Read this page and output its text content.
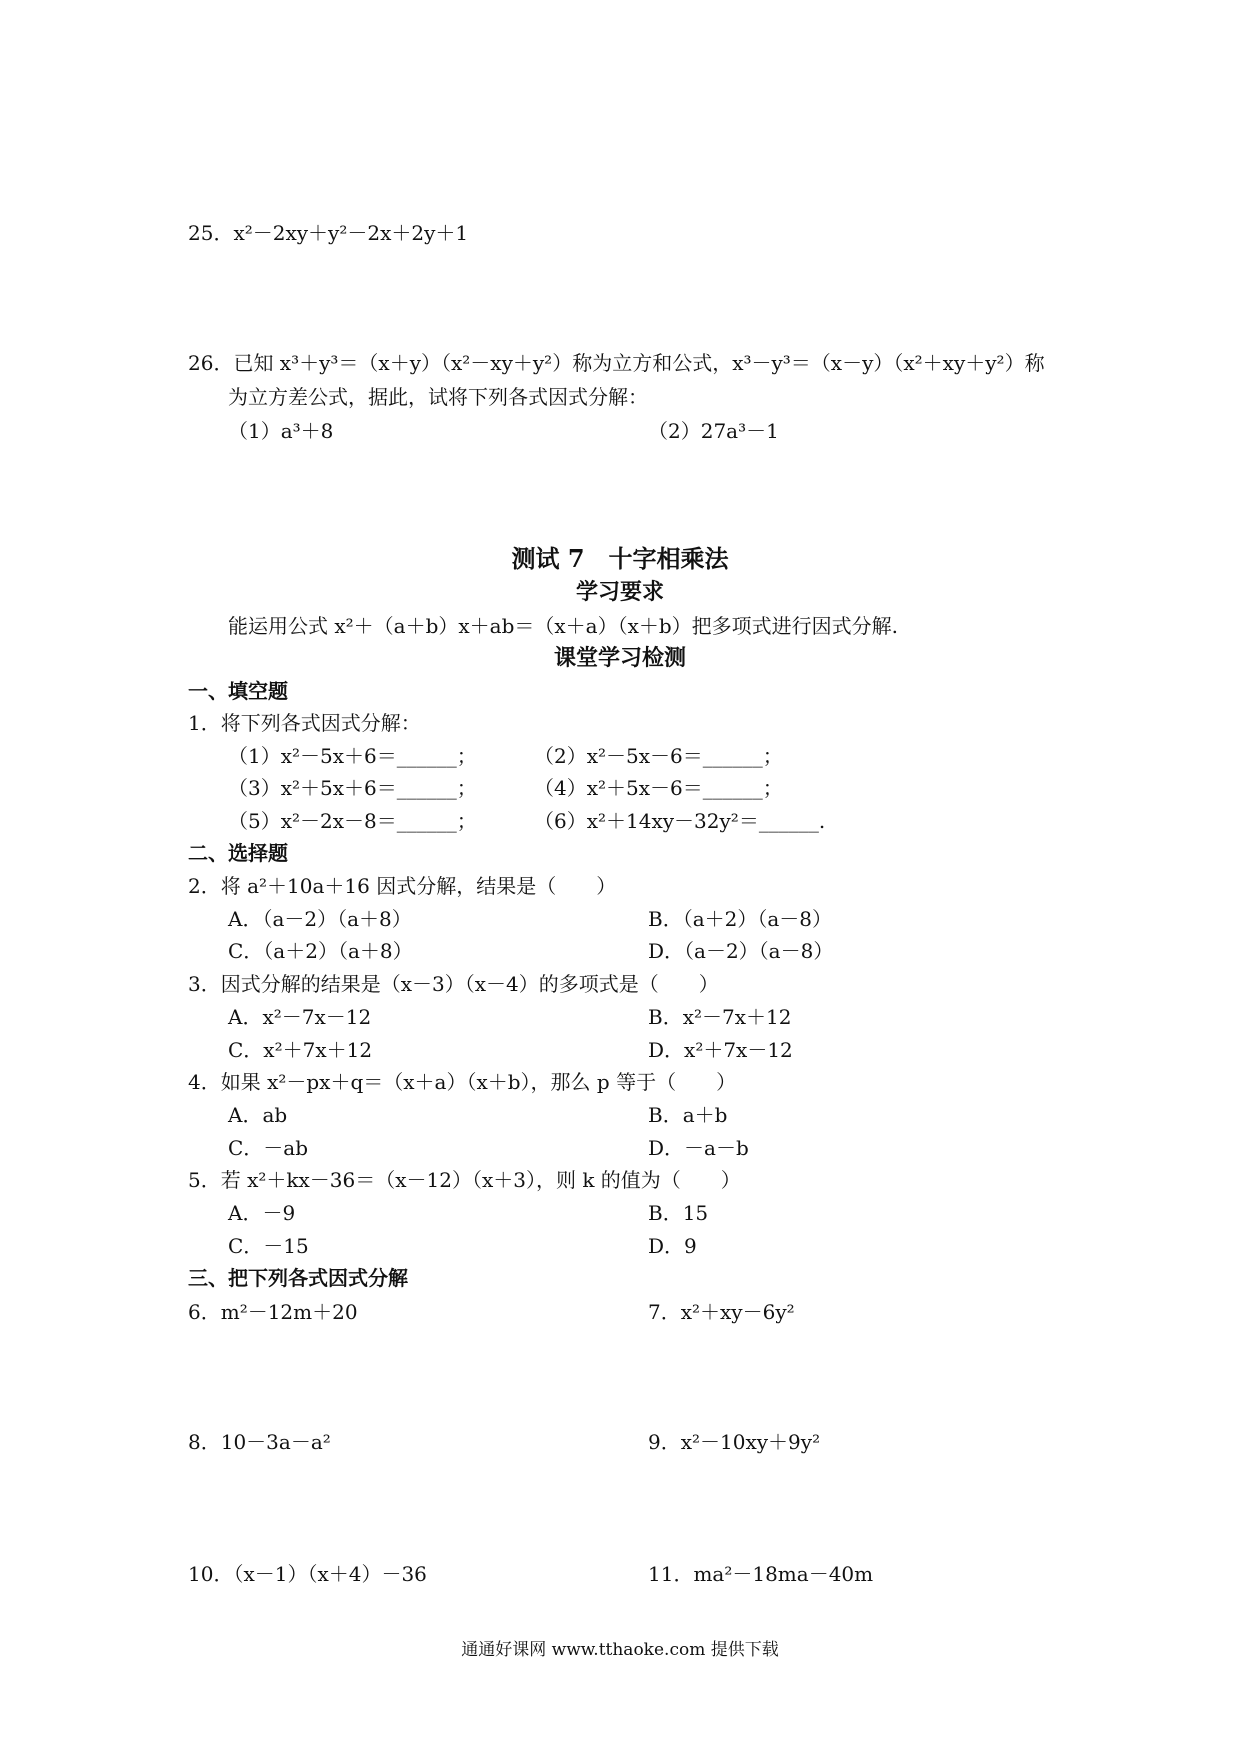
25．x²－2xy＋y²－2x＋2y＋1
26．已知 x³＋y³＝（x＋y）（x²－xy＋y²）称为立方和公式，x³－y³＝（x－y）（x²＋xy＋y²）称
为立方差公式，据此，试将下列各式因式分解：
（1）a³＋8	（2）27a³－1
测试 7　十字相乘法
学习要求
能运用公式 x²＋（a＋b）x＋ab＝（x＋a）（x＋b）把多项式进行因式分解.
课堂学习检测
一、填空题
1．将下列各式因式分解：
（1）x²－5x＋6＝______；	（2）x²－5x－6＝______；
（3）x²＋5x＋6＝______；	（4）x²＋5x－6＝______；
（5）x²－2x－8＝______；	（6）x²＋14xy－32y²＝______.
二、选择题
2．将 a²＋10a＋16 因式分解，结果是（　　）
A．（a－2）（a＋8）	B．（a＋2）（a－8）
C．（a＋2）（a＋8）	D．（a－2）（a－8）
3．因式分解的结果是（x－3）（x－4）的多项式是（　　）
A．x²－7x－12	B．x²－7x＋12
C．x²＋7x＋12	D．x²＋7x－12
4．如果 x²－px＋q＝（x＋a）（x＋b），那么 p 等于（　　）
A．ab	B．a＋b
C．－ab	D．－a－b
5．若 x²＋kx－36＝（x－12）（x＋3），则 k 的值为（　　）
A．－9	B．15
C．－15	D．9
三、把下列各式因式分解
6．m²－12m＋20	7．x²＋xy－6y²
8．10－3a－a²	9．x²－10xy＋9y²
10．（x－1）（x＋4）－36	11．ma²－18ma－40m
通通好课网 www.tthaoke.com 提供下载
